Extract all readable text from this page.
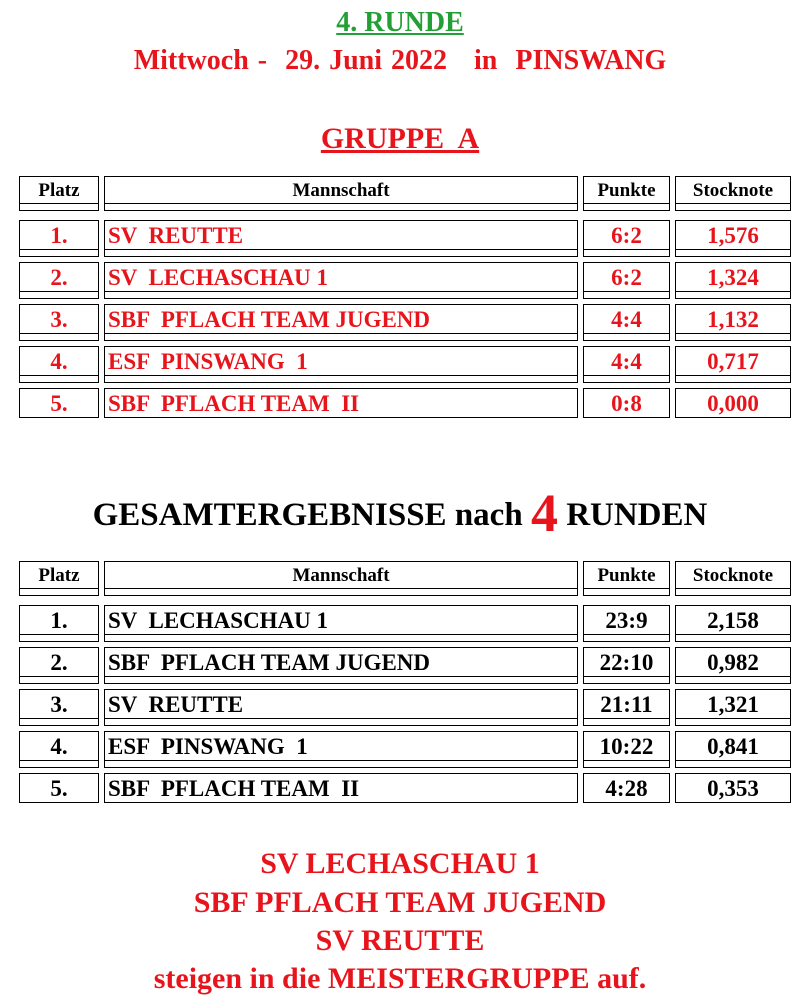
4. RUNDE
Mittwoch -  29. Juni 2022   in  PINSWANG
GRUPPE  A
Platz	Mannschaft	Punkte	Stocknote
1.	SV  REUTTE	6:2	1,576
2.	SV  LECHASCHAU 1	6:2	1,324
3.	SBF  PFLACH TEAM JUGEND	4:4	1,132
4.	ESF  PINSWANG  1	4:4	0,717
5.	SBF  PFLACH TEAM  II	0:8	0,000
GESAMTERGEBNISSE nach 4 RUNDEN
Platz	Mannschaft	Punkte	Stocknote
1.	SV  LECHASCHAU 1	23:9	2,158
2.	SBF  PFLACH TEAM JUGEND	22:10	0,982
3.	SV  REUTTE	21:11	1,321
4.	ESF  PINSWANG  1	10:22	0,841
5.	SBF  PFLACH TEAM  II	4:28	0,353
SV LECHASCHAU 1
SBF PFLACH TEAM JUGEND
SV REUTTE
steigen in die MEISTERGRUPPE auf.
